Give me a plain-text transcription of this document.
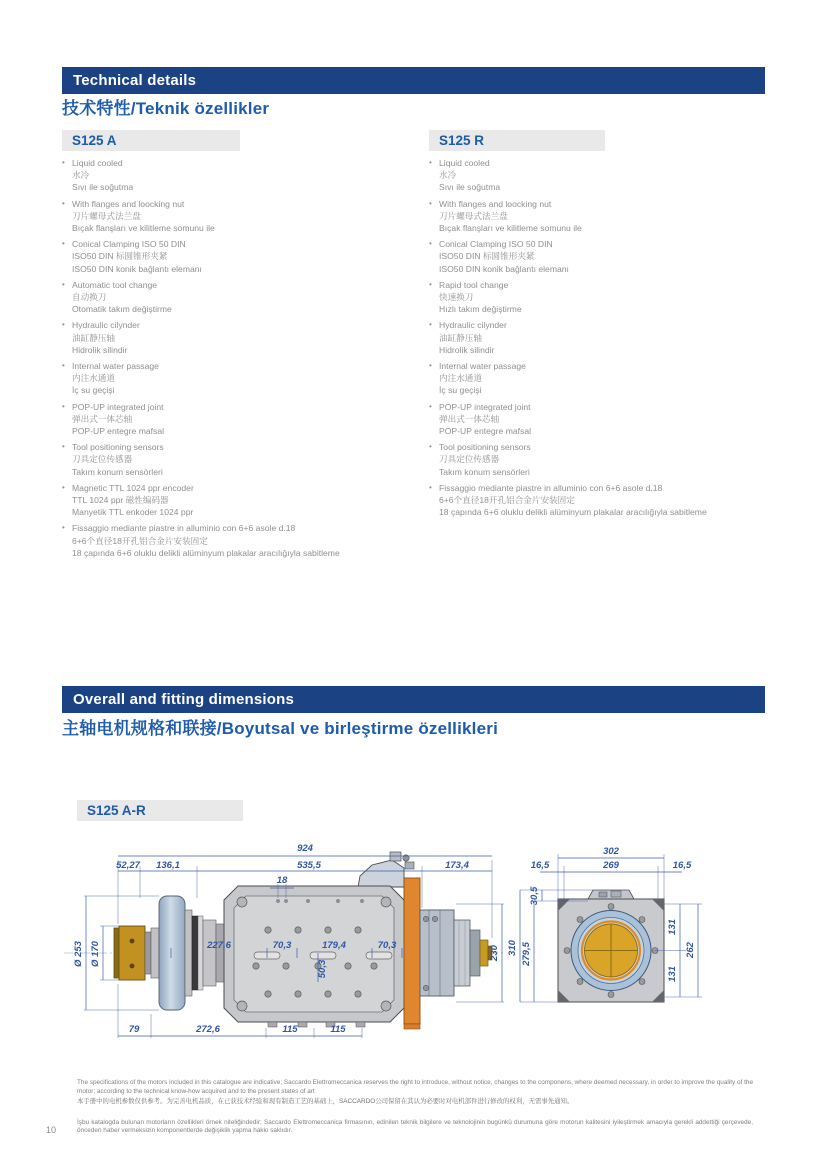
Technical details
技术特性/Teknik özellikler
S125 A	S125 R
•
Liquid cooled
水冷
Sıvı ile soğutma
•
With flanges and loocking nut
刀片螺母式法兰盘
Bıçak flanşları ve kilitleme somunu ile
•
Conical Clamping ISO 50 DIN
ISO50 DIN 标圆锥形夹紧
ISO50 DIN konik bağlantı elemanı
•
Automatic tool change
自动换刀
Otomatik takım değiştirme
•
Hydraulic cilynder
油缸静压轴
Hidrolik silindir
•
Internal water passage
内注水通道
İç su geçişi
•
POP-UP integrated joint
弹出式一体芯轴
POP-UP entegre mafsal
•
Tool positioning sensors
刀具定位传感器
Takım konum sensörleri
•
Magnetic TTL 1024 ppr encoder
TTL 1024 ppr 磁性编码器
Manyetik TTL enkoder 1024 ppr
•
Fissaggio mediante piastre in alluminio con 6+6 asole d.18
6+6个直径18开孔铝合金片安装固定
18 çapında 6+6 oluklu delikli alüminyum plakalar aracılığıyla sabitleme
•
Liquid cooled
水冷
Sıvı ile soğutma
•
With flanges and loocking nut
刀片螺母式法兰盘
Bıçak flanşları ve kilitleme somunu ile
•
Conical Clamping ISO 50 DIN
ISO50 DIN 标圆锥形夹紧
ISO50 DIN konik bağlantı elemanı
•
Rapid tool change
快速换刀
Hızlı takım değiştirme
•
Hydraulic cilynder
油缸静压轴
Hidrolik silindir
•
Internal water passage
内注水通道
İç su geçişi
•
POP-UP integrated joint
弹出式一体芯轴
POP-UP entegre mafsal
•
Tool positioning sensors
刀具定位传感器
Takım konum sensörleri
•
Fissaggio mediante piastre in alluminio con 6+6 asole d.18
6+6个直径18开孔铝合金片安装固定
18 çapında 6+6 oluklu delikli alüminyum plakalar aracılığıyla sabitleme
Overall and fitting dimensions
主轴电机规格和联接/Boyutsal ve birleştirme özellikleri
S125 A-R
924
52,27 136,1	535,5	173,4
18
227,6	70,3	179,4	70,3
50,3
Ø 253 Ø 170	230
79	272,6	115	115
302
16,5	269	16,5
30,5
279,5
310
131
131
262
The specifications of the motors included in this catalogue are indicative; Saccardo Elettromeccanica reserves the right to introduce, without notice, changes to the componens, where deemed necessary, in order to improve the quality of the motor; according to the technical know-how acquired and to the present states of art
本手册中的电机参数仅供参考。为完善电机品质，在已获技术经验和现有制造工艺的基础上，SACCARDO公司保留在其认为必要时对电机部件进行修改的权利，无需事先通知。
İşbu katalogda bulunan motorların özellikleri örnek niteliğindedir; Saccardo Elettromeccanica firmasının, edinilen teknik bilgilere ve teknolojinin bugünkü durumuna göre motorun kalitesini iyileştirmek amacıyla gerekli addettiği çerçevede, önceden haber vermeksizin komponentlerde değişiklik yapma hakkı saklıdır.
10
